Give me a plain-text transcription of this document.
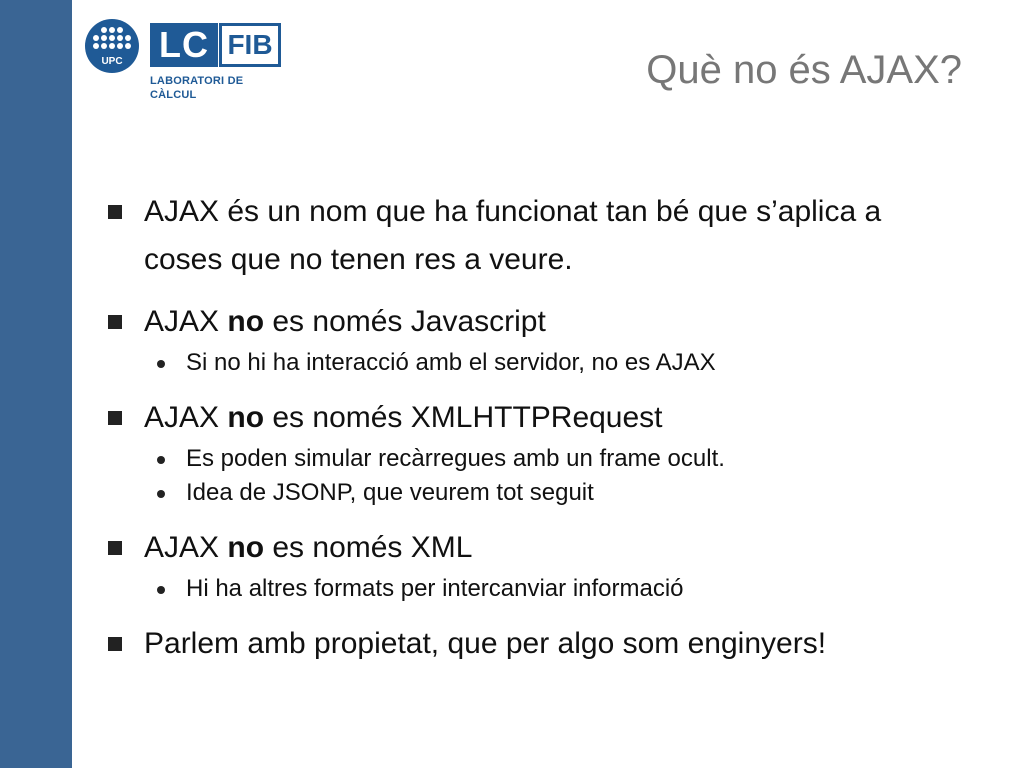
UPC LC FIB
LABORATORI DE CÀLCUL
Què no és AJAX?
AJAX és un nom que ha funcionat tan bé que s’aplica a
coses que no tenen res a veure.
AJAX no es només Javascript
Si no hi ha interacció amb el servidor, no es AJAX
AJAX no es només XMLHTTPRequest
Es poden simular recàrregues amb un frame ocult.
Idea de JSONP, que veurem tot seguit
AJAX no es només XML
Hi ha altres formats per intercanviar informació
Parlem amb propietat, que per algo som enginyers!
